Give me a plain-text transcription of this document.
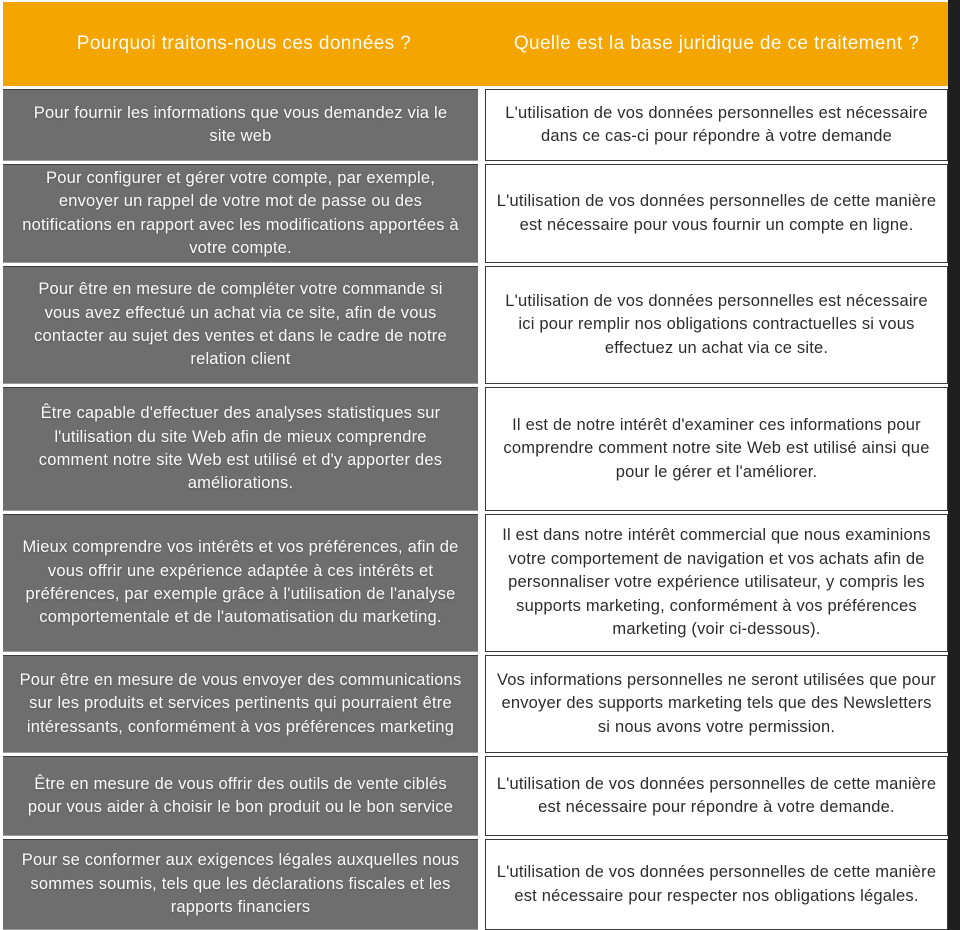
Pourquoi traitons-nous ces données ?	Quelle est la base juridique de ce traitement ?
Pour fournir les informations que vous demandez via le site web
L'utilisation de vos données personnelles est nécessaire dans ce cas-ci pour répondre à votre demande
Pour configurer et gérer votre compte, par exemple, envoyer un rappel de votre mot de passe ou des notifications en rapport avec les modifications apportées à votre compte.
L'utilisation de vos données personnelles de cette manière est nécessaire pour vous fournir un compte en ligne.
Pour être en mesure de compléter votre commande si vous avez effectué un achat via ce site, afin de vous contacter au sujet des ventes et dans le cadre de notre relation client
L'utilisation de vos données personnelles est nécessaire ici pour remplir nos obligations contractuelles si vous effectuez un achat via ce site.
Être capable d'effectuer des analyses statistiques sur l'utilisation du site Web afin de mieux comprendre comment notre site Web est utilisé et d'y apporter des améliorations.
Il est de notre intérêt d'examiner ces informations pour comprendre comment notre site Web est utilisé ainsi que pour le gérer et l'améliorer.
Mieux comprendre vos intérêts et vos préférences, afin de vous offrir une expérience adaptée à ces intérêts et préférences, par exemple grâce à l'utilisation de l'analyse comportementale et de l'automatisation du marketing.
Il est dans notre intérêt commercial que nous examinions votre comportement de navigation et vos achats afin de personnaliser votre expérience utilisateur, y compris les supports marketing, conformément à vos préférences marketing (voir ci-dessous).
Pour être en mesure de vous envoyer des communications sur les produits et services pertinents qui pourraient être intéressants, conformément à vos préférences marketing
Vos informations personnelles ne seront utilisées que pour envoyer des supports marketing tels que des Newsletters si nous avons votre permission.
Être en mesure de vous offrir des outils de vente ciblés pour vous aider à choisir le bon produit ou le bon service
L'utilisation de vos données personnelles de cette manière est nécessaire pour répondre à votre demande.
Pour se conformer aux exigences légales auxquelles nous sommes soumis, tels que les déclarations fiscales et les rapports financiers
L'utilisation de vos données personnelles de cette manière est nécessaire pour respecter nos obligations légales.
